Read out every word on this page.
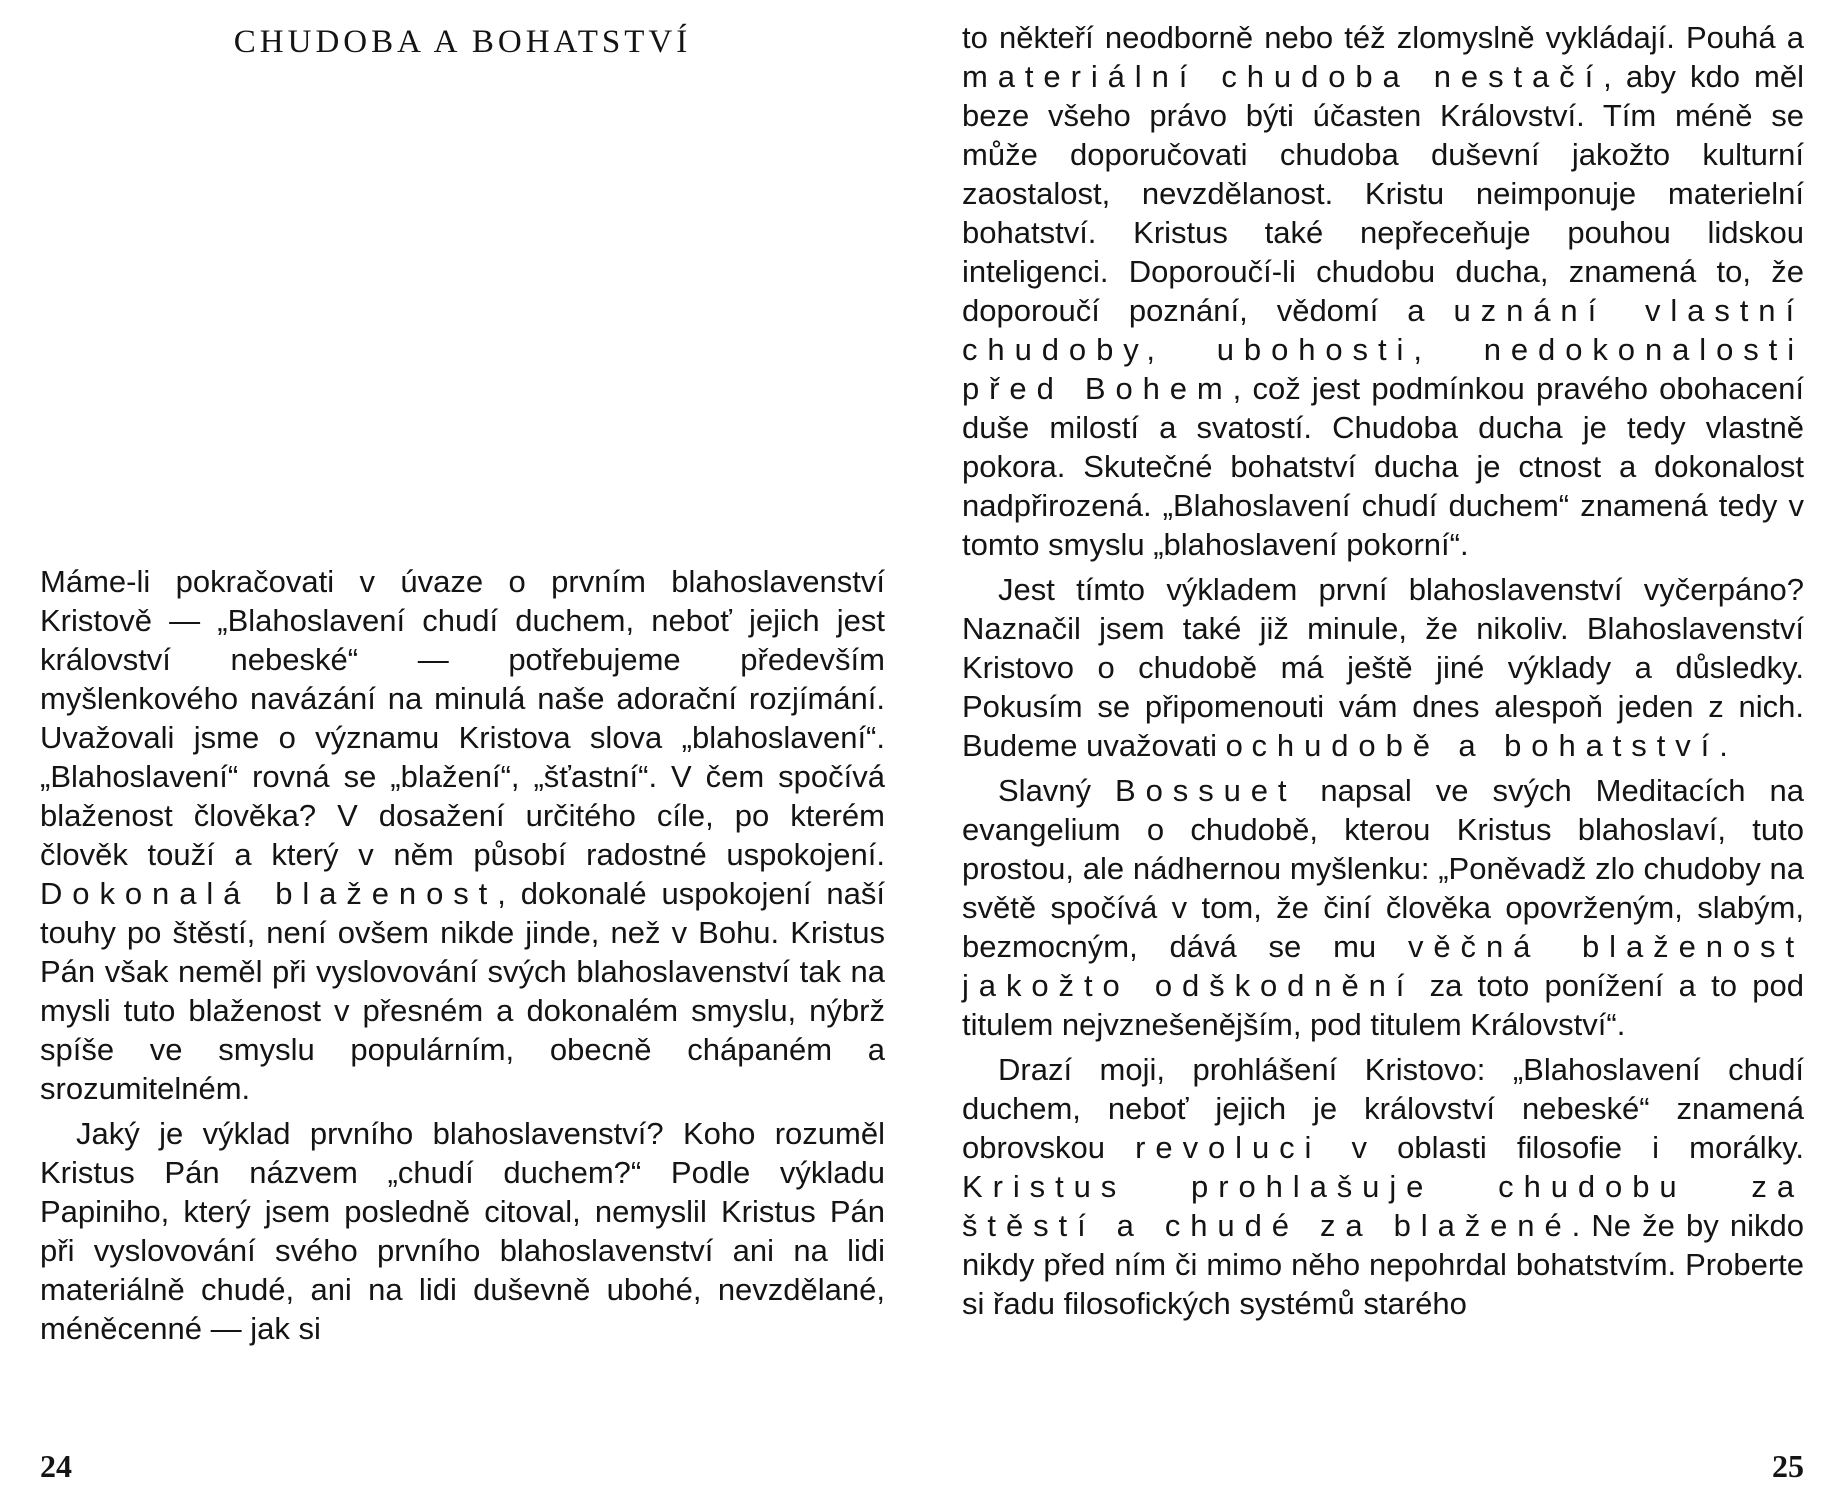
CHUDOBA A BOHATSTVÍ

Máme-li pokračovati v úvaze o prvním blahoslavenství Kristově — „Blahoslavení chudí duchem, neboť jejich jest království nebeské“ — potřebujeme především myšlenkového navázání na minulá naše adorační rozjímání. Uvažovali jsme o významu Kristova slova „blahoslavení“. „Blahoslavení“ rovná se „blažení“, „šťastní“. V čem spočívá blaženost člověka? V dosažení určitého cíle, po kterém člověk touží a který v něm působí radostné uspokojení. Dokonalá blaženost, dokonalé uspokojení naší touhy po štěstí, není ovšem nikde jinde, než v Bohu. Kristus Pán však neměl při vyslovování svých blahoslavenství tak na mysli tuto blaženost v přesném a dokonalém smyslu, nýbrž spíše ve smyslu populárním, obecně chápaném a srozumitelném.

Jaký je výklad prvního blahoslavenství? Koho rozuměl Kristus Pán názvem „chudí duchem?“ Podle výkladu Papiniho, který jsem posledně citoval, nemyslil Kristus Pán při vyslovování svého prvního blahoslavenství ani na lidi materiálně chudé, ani na lidi duševně ubohé, nevzdělané, méněcenné — jak si

24

to někteří neodborně nebo též zlomyslně vykládají. Pouhá a materiální chudoba nestačí, aby kdo měl beze všeho právo býti účasten Království. Tím méně se může doporučovati chudoba duševní jakožto kulturní zaostalost, nevzdělanost. Kristu neimponuje materielní bohatství. Kristus také nepřeceňuje pouhou lidskou inteligenci. Doporoučí-li chudobu ducha, znamená to, že doporoučí poznání, vědomí a uznání vlastní chudoby, ubohosti, nedokonalosti před Bohem, což jest podmínkou pravého obohacení duše milostí a svatostí. Chudoba ducha je tedy vlastně pokora. Skutečné bohatství ducha je ctnost a dokonalost nadpřirozená. „Blahoslavení chudí duchem“ znamená tedy v tomto smyslu „blahoslavení pokorní“.

Jest tímto výkladem první blahoslavenství vyčerpáno? Naznačil jsem také již minule, že nikoliv. Blahoslavenství Kristovo o chudobě má ještě jiné výklady a důsledky. Pokusím se připomenouti vám dnes alespoň jeden z nich. Budeme uvažovati o chudobě a bohatství.

Slavný Bossuet napsal ve svých Meditacích na evangelium o chudobě, kterou Kristus blahoslaví, tuto prostou, ale nádhernou myšlenku: „Poněvadž zlo chudoby na světě spočívá v tom, že činí člověka opovrženým, slabým, bezmocným, dává se mu věčná blaženost jakožto odškodnění za toto ponížení a to pod titulem nejvznešenějším, pod titulem Království“.

Drazí moji, prohlášení Kristovo: „Blahoslavení chudí duchem, neboť jejich je království nebeské“ znamená obrovskou revoluci v oblasti filosofie i morálky. Kristus prohlašuje chudobu za štěstí a chudé za blažené. Ne že by nikdo nikdy před ním či mimo něho nepohrdal bohatstvím. Proberte si řadu filosofických systémů starého

25
